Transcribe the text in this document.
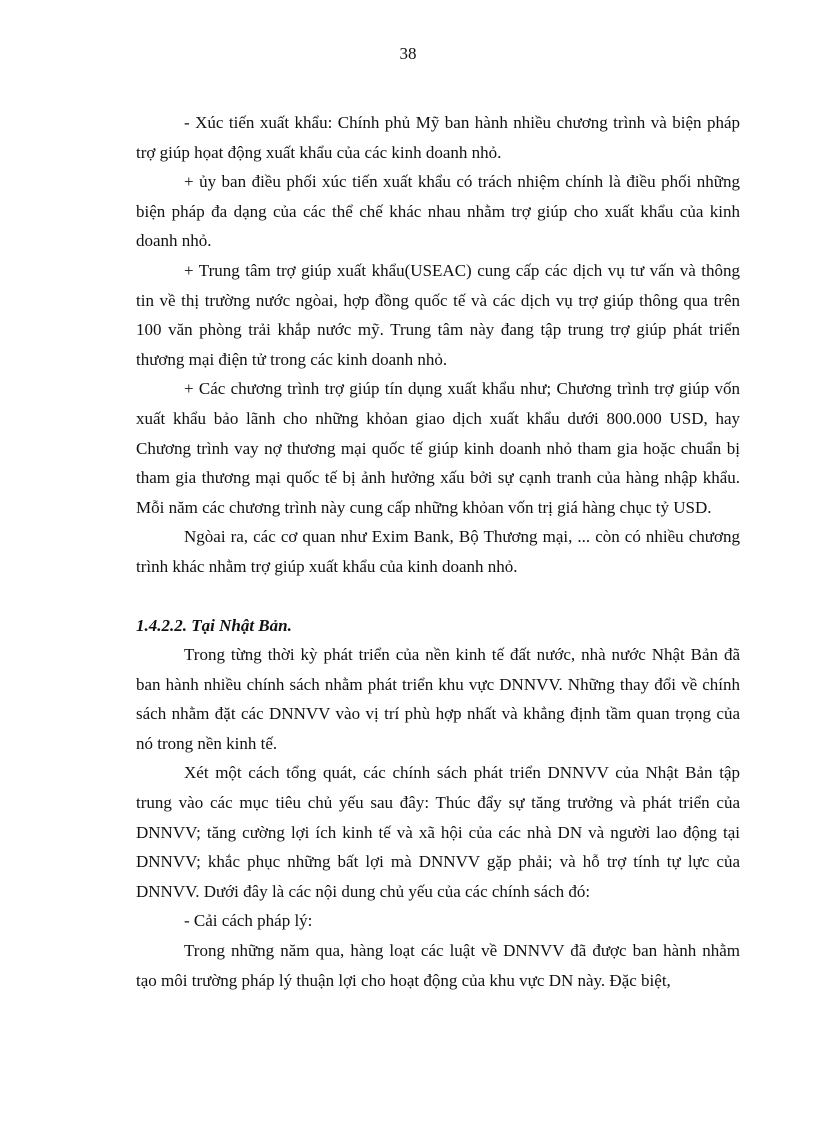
38

- Xúc tiến xuất khẩu: Chính phủ Mỹ ban hành nhiều chương trình và biện pháp trợ giúp họat động xuất khẩu của các kinh doanh nhỏ.

+ ủy ban điều phối xúc tiến xuất khẩu có trách nhiệm chính là điều phối những biện pháp đa dạng của các thể chế khác nhau nhằm trợ giúp cho xuất khẩu của kinh doanh nhỏ.

+ Trung tâm trợ giúp xuất khẩu(USEAC) cung cấp các dịch vụ tư vấn và thông tin về thị trường nước ngòai, hợp đồng quốc tế và các dịch vụ trợ giúp thông qua trên 100 văn phòng trải khắp nước mỹ. Trung tâm này đang tập trung trợ giúp phát triển thương mại điện tử trong các kinh doanh nhỏ.

+ Các chương trình trợ giúp tín dụng xuất khẩu như; Chương trình trợ giúp vốn xuất khẩu bảo lãnh cho những khỏan giao dịch xuất khẩu dưới 800.000 USD, hay Chương trình vay nợ thương mại quốc tế giúp kinh doanh nhỏ tham gia hoặc chuẩn bị tham gia thương mại quốc tế bị ảnh hưởng xấu bởi sự cạnh tranh của hàng nhập khẩu. Mỗi năm các chương trình này cung cấp những khỏan vốn trị giá hàng chục tỷ USD.

Ngòai ra, các cơ quan như Exim Bank, Bộ Thương mại, ... còn có nhiều chương trình khác nhằm trợ giúp xuất khẩu của kinh doanh nhỏ.

1.4.2.2. Tại Nhật Bản.

Trong từng thời kỳ phát triển của nền kinh tế đất nước, nhà nước Nhật Bản đã ban hành nhiều chính sách nhằm phát triển khu vực DNNVV. Những thay đổi về chính sách nhằm đặt các DNNVV vào vị trí phù hợp nhất và khẳng định tầm quan trọng của nó trong nền kinh tế.

Xét một cách tổng quát, các chính sách phát triển DNNVV của Nhật Bản tập trung vào các mục tiêu chủ yếu sau đây: Thúc đẩy sự tăng trưởng và phát triển của DNNVV; tăng cường lợi ích kinh tế và xã hội của các nhà DN và người lao động tại DNNVV; khắc phục những bất lợi mà DNNVV gặp phải; và hỗ trợ tính tự lực của DNNVV. Dưới đây là các nội dung chủ yếu của các chính sách đó:

- Cải cách pháp lý:

Trong những năm qua, hàng loạt các luật về DNNVV đã được ban hành nhằm tạo môi trường pháp lý thuận lợi cho hoạt động của khu vực DN này. Đặc biệt,
